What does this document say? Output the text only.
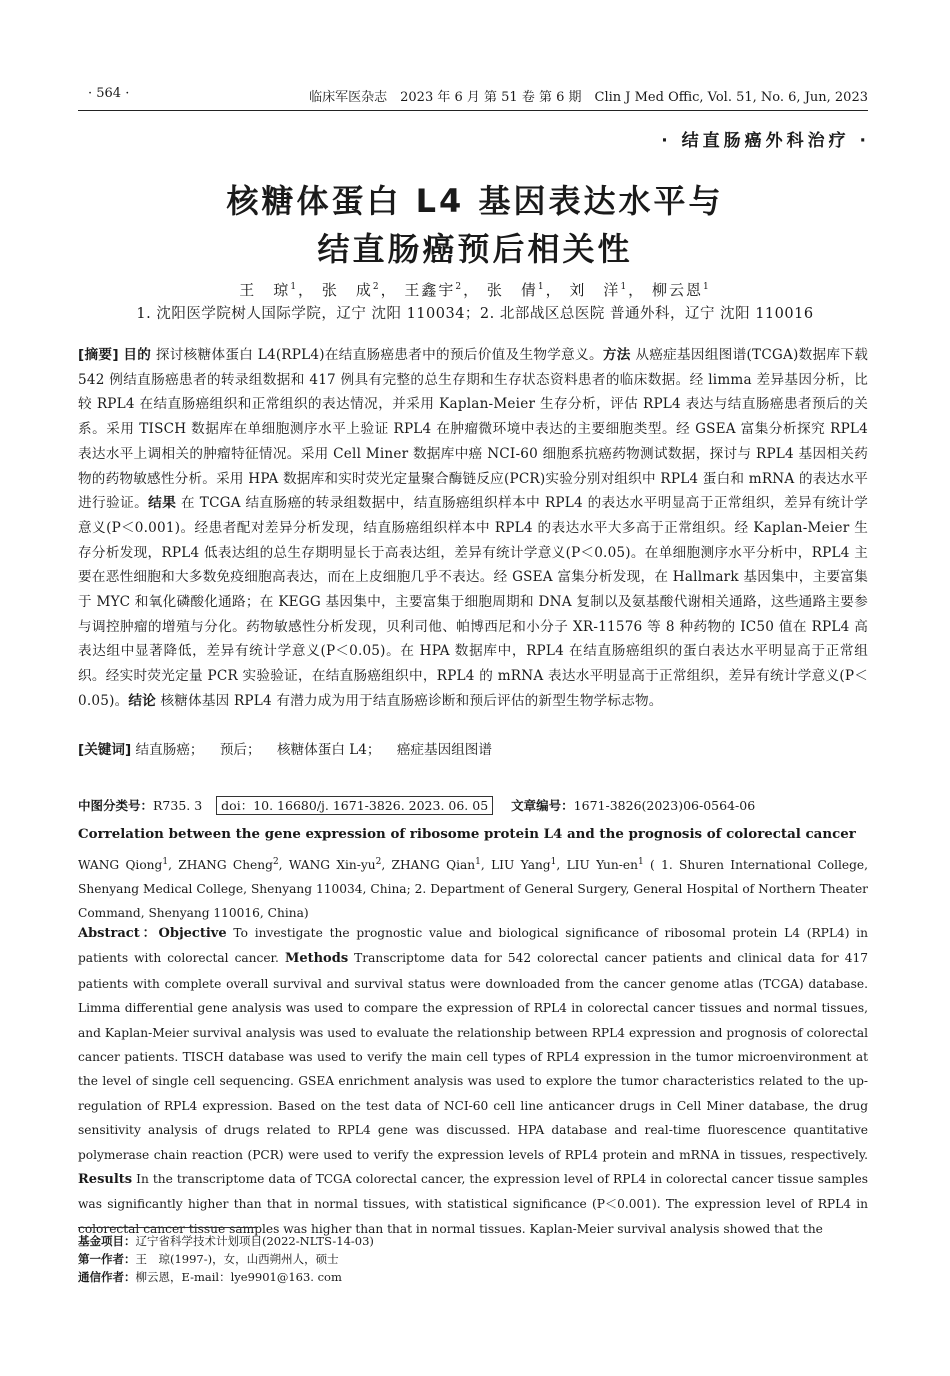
· 564 ·	临床军医杂志　2023 年 6 月 第 51 卷 第 6 期　Clin J Med Offic, Vol. 51, No. 6, Jun, 2023
· 结直肠癌外科治疗 ·
核糖体蛋白 L4 基因表达水平与
结直肠癌预后相关性
王　琼$^1$， 张　成$^2$， 王鑫宇$^2$， 张　倩$^1$， 刘　洋$^1$， 柳云恩$^1$
1. 沈阳医学院树人国际学院，辽宁 沈阳 110034；2. 北部战区总医院 普通外科，辽宁 沈阳 110016
[摘要] 目的 探讨核糖体蛋白 L4(RPL4)在结直肠癌患者中的预后价值及生物学意义。方法 从癌症基因组图谱(TCGA)数据库下载 542 例结直肠癌患者的转录组数据和 417 例具有完整的总生存期和生存状态资料患者的临床数据。经 limma 差异基因分析，比较 RPL4 在结直肠癌组织和正常组织的表达情况，并采用 Kaplan-Meier 生存分析，评估 RPL4 表达与结直肠癌患者预后的关系。采用 TISCH 数据库在单细胞测序水平上验证 RPL4 在肿瘤微环境中表达的主要细胞类型。经 GSEA 富集分析探究 RPL4 表达水平上调相关的肿瘤特征情况。采用 Cell Miner 数据库中癌 NCI-60 细胞系抗癌药物测试数据，探讨与 RPL4 基因相关药物的药物敏感性分析。采用 HPA 数据库和实时荧光定量聚合酶链反应(PCR)实验分别对组织中 RPL4 蛋白和 mRNA 的表达水平进行验证。结果 在 TCGA 结直肠癌的转录组数据中，结直肠癌组织样本中 RPL4 的表达水平明显高于正常组织，差异有统计学意义(P＜0.001)。经患者配对差异分析发现，结直肠癌组织样本中 RPL4 的表达水平大多高于正常组织。经 Kaplan-Meier 生存分析发现，RPL4 低表达组的总生存期明显长于高表达组，差异有统计学意义(P＜0.05)。在单细胞测序水平分析中，RPL4 主要在恶性细胞和大多数免疫细胞高表达，而在上皮细胞几乎不表达。经 GSEA 富集分析发现，在 Hallmark 基因集中，主要富集于 MYC 和氧化磷酸化通路；在 KEGG 基因集中，主要富集于细胞周期和 DNA 复制以及氨基酸代谢相关通路，这些通路主要参与调控肿瘤的增殖与分化。药物敏感性分析发现，贝利司他、帕博西尼和小分子 XR-11576 等 8 种药物的 IC50 值在 RPL4 高表达组中显著降低，差异有统计学意义(P＜0.05)。在 HPA 数据库中，RPL4 在结直肠癌组织的蛋白表达水平明显高于正常组织。经实时荧光定量 PCR 实验验证，在结直肠癌组织中，RPL4 的 mRNA 表达水平明显高于正常组织，差异有统计学意义(P＜0.05)。结论 核糖体基因 RPL4 有潜力成为用于结直肠癌诊断和预后评估的新型生物学标志物。
[关键词] 结直肠癌； 预后； 核糖体蛋白 L4； 癌症基因组图谱
中图分类号：R735. 3 doi：10. 16680/j. 1671-3826. 2023. 06. 05 文章编号：1671-3826(2023)06-0564-06
Correlation between the gene expression of ribosome protein L4 and the prognosis of colorectal cancer
WANG Qiong$^1$, ZHANG Cheng$^2$, WANG Xin-$yu^2$, ZHANG Qian$^1$, LIU Yang$^1$, LIU Yun-$en^1$ ( 1. Shuren International College, Shenyang Medical College, Shenyang 110034, China; 2. Department of General Surgery, General Hospital of Northern Theater Command, Shenyang 110016, China)
Abstract：Objective To investigate the prognostic value and biological significance of ribosomal protein L4 (RPL4) in patients with colorectal cancer. Methods Transcriptome data for 542 colorectal cancer patients and clinical data for 417 patients with complete overall survival and survival status were downloaded from the cancer genome atlas (TCGA) database. Limma differential gene analysis was used to compare the expression of RPL4 in colorectal cancer tissues and normal tissues, and Kaplan-Meier survival analysis was used to evaluate the relationship between RPL4 expression and prognosis of colorectal cancer patients. TISCH database was used to verify the main cell types of RPL4 expression in the tumor microenvironment at the level of single cell sequencing. GSEA enrichment analysis was used to explore the tumor characteristics related to the up-regulation of RPL4 expression. Based on the test data of NCI-60 cell line anticancer drugs in Cell Miner database, the drug sensitivity analysis of drugs related to RPL4 gene was discussed. HPA database and real-time fluorescence quantitative polymerase chain reaction (PCR) were used to verify the expression levels of RPL4 protein and mRNA in tissues, respectively. Results In the transcriptome data of TCGA colorectal cancer, the expression level of RPL4 in colorectal cancer tissue samples was significantly higher than that in normal tissues, with statistical significance (P＜0.001). The expression level of RPL4 in colorectal cancer tissue samples was higher than that in normal tissues. Kaplan-Meier survival analysis showed that the
基金项目：辽宁省科学技术计划项目(2022-NLTS-14-03)
第一作者：王　琼(1997-)，女，山西朔州人，硕士
通信作者：柳云恩，E-mail：lye9901@163. com
